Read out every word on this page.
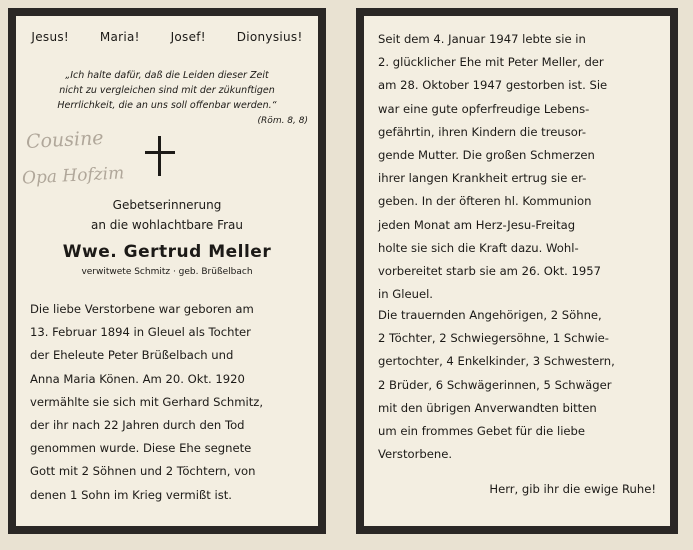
Jesus!	Maria!	Josef!	Dionysius!
„Ich halte dafür, daß die Leiden dieser Zeit
nicht zu vergleichen sind mit der zükunftigen
Herrlichkeit, die an uns soll offenbar werden.“
(Röm. 8, 8)
Cousine
Opa Hofzim
Gebetserinnerung
an die wohlachtbare Frau
Wwe. Gertrud Meller
verwitwete Schmitz · geb. Brüßelbach
Die liebe Verstorbene war geboren am
13. Februar 1894 in Gleuel als Tochter
der Eheleute Peter Brüßelbach und
Anna Maria Könen. Am 20. Okt. 1920
vermählte sie sich mit Gerhard Schmitz,
der ihr nach 22 Jahren durch den Tod
genommen wurde. Diese Ehe segnete
Gott mit 2 Söhnen und 2 Töchtern, von
denen 1 Sohn im Krieg vermißt ist.
Seit dem 4. Januar 1947 lebte sie in
2. glücklicher Ehe mit Peter Meller, der
am 28. Oktober 1947 gestorben ist. Sie
war eine gute opferfreudige Lebens-
gefährtin, ihren Kindern die treusor-
gende Mutter. Die großen Schmerzen
ihrer langen Krankheit ertrug sie er-
geben. In der öfteren hl. Kommunion
jeden Monat am Herz-Jesu-Freitag
holte sie sich die Kraft dazu. Wohl-
vorbereitet starb sie am 26. Okt. 1957
in Gleuel.
Die trauernden Angehörigen, 2 Söhne,
2 Töchter, 2 Schwiegersöhne, 1 Schwie-
gertochter, 4 Enkelkinder, 3 Schwestern,
2 Brüder, 6 Schwägerinnen, 5 Schwäger
mit den übrigen Anverwandten bitten
um ein frommes Gebet für die liebe
Verstorbene.
Herr, gib ihr die ewige Ruhe!
